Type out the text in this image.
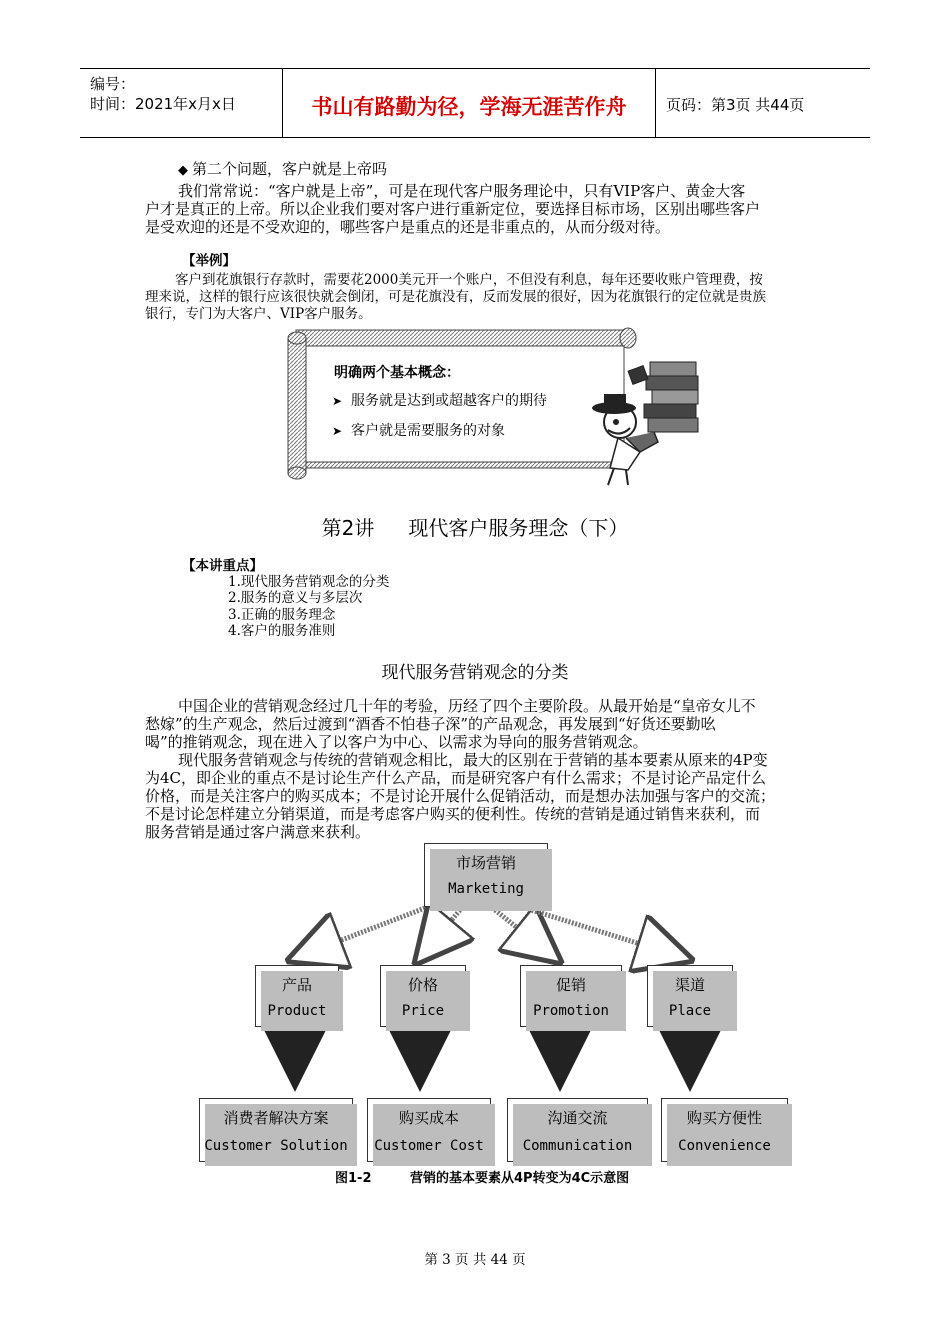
编号：
时间：2021年x月x日	书山有路勤为径，学海无涯苦作舟	页码：第3页 共44页
◆ 第二个问题，客户就是上帝吗
我们常常说：“客户就是上帝”，可是在现代客户服务理论中，只有VIP客户、黄金大客
户才是真正的上帝。所以企业我们要对客户进行重新定位，要选择目标市场，区别出哪些客户
是受欢迎的还是不受欢迎的，哪些客户是重点的还是非重点的，从而分级对待。
【举例】
客户到花旗银行存款时，需要花2000美元开一个账户，不但没有利息，每年还要收账户管理费，按
理来说，这样的银行应该很快就会倒闭，可是花旗没有，反而发展的很好，因为花旗银行的定位就是贵族
银行，专门为大客户、VIP客户服务。
明确两个基本概念：
➤ 服务就是达到或超越客户的期待
➤ 客户就是需要服务的对象
第2讲 现代客户服务理念（下）
【本讲重点】
1.现代服务营销观念的分类
2.服务的意义与多层次
3.正确的服务理念
4.客户的服务准则
现代服务营销观念的分类
中国企业的营销观念经过几十年的考验，历经了四个主要阶段。从最开始是“皇帝女儿不
愁嫁”的生产观念，然后过渡到“酒香不怕巷子深”的产品观念，再发展到“好货还要勤吆
喝”的推销观念，现在进入了以客户为中心、以需求为导向的服务营销观念。
现代服务营销观念与传统的营销观念相比，最大的区别在于营销的基本要素从原来的4P变
为4C，即企业的重点不是讨论生产什么产品，而是研究客户有什么需求；不是讨论产品定什么
价格，而是关注客户的购买成本；不是讨论开展什么促销活动，而是想办法加强与客户的交流；
不是讨论怎样建立分销渠道，而是考虑客户购买的便利性。传统的营销是通过销售来获利，而
服务营销是通过客户满意来获利。
市场营销
Marketing
产品
Product
价格
Price
促销
Promotion
渠道
Place
消费者解决方案
Customer Solution
购买成本
Customer Cost
沟通交流
Communication
购买方便性
Convenience
图1-2	营销的基本要素从4P转变为4C示意图
第 3 页 共 44 页
